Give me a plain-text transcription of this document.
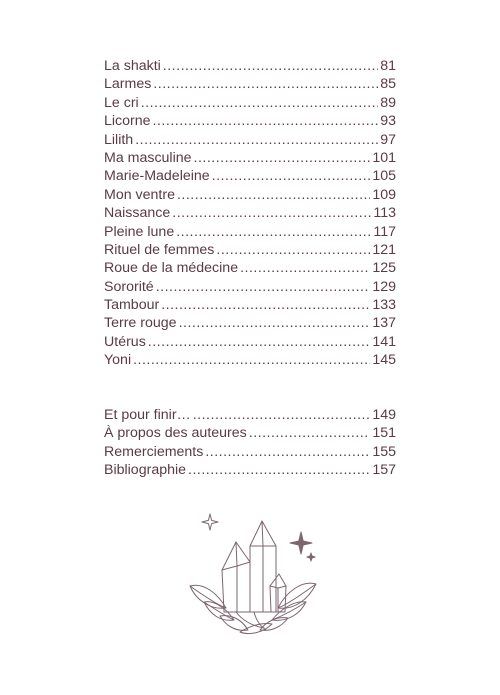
La shakti .....	81
Larmes .....	85
Le cri .....	89
Licorne .....	93
Lilith .....	97
Ma masculine .....	101
Marie-Madeleine .....	105
Mon ventre .....	109
Naissance .....	113
Pleine lune .....	117
Rituel de femmes .....	121
Roue de la médecine .....	125
Sororité .....	129
Tambour .....	133
Terre rouge .....	137
Utérus .....	141
Yoni .....	145
Et pour finir… .....	149
À propos des auteures .....	151
Remerciements .....	155
Bibliographie .....	157
